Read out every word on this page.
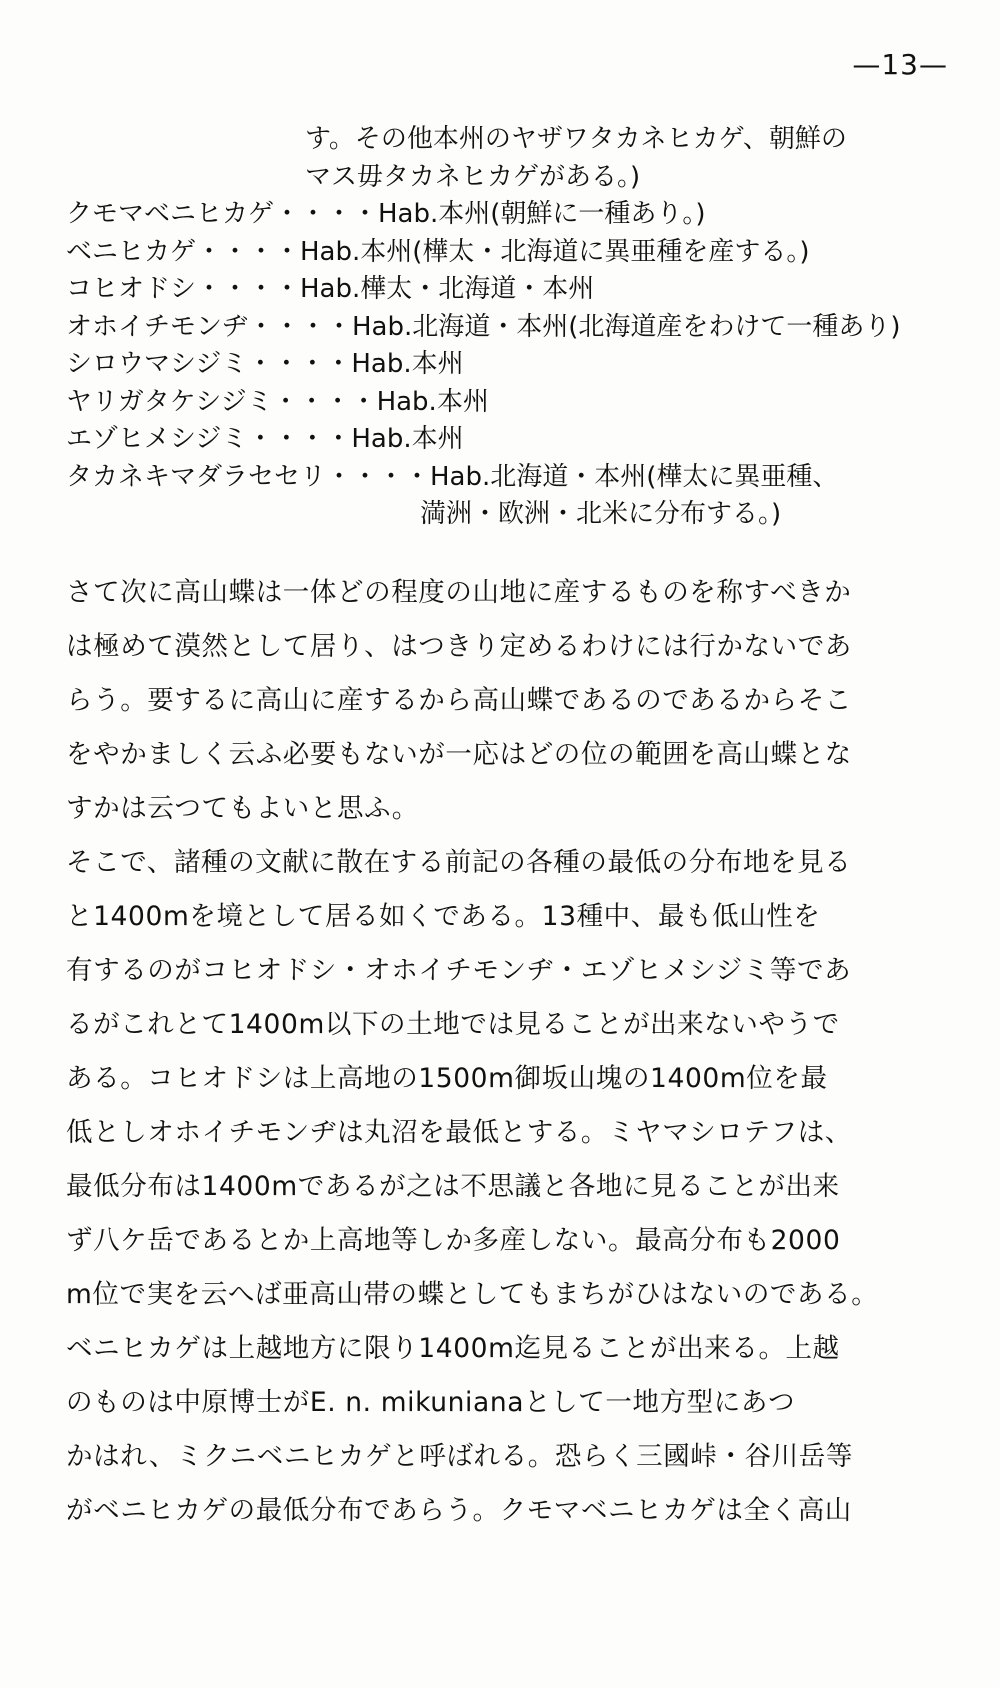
—13—
す。その他本州のヤザワタカネヒカゲ、朝鮮の
マス毋タカネヒカゲがある。)
クモマベニヒカゲ・・・・Hab.本州(朝鮮に一種あり。)
ベニヒカゲ・・・・Hab.本州(樺太・北海道に異亜種を産する。)
コヒオドシ・・・・Hab.樺太・北海道・本州
オホイチモンヂ・・・・Hab.北海道・本州(北海道産をわけて一種あり)
シロウマシジミ・・・・Hab.本州
ヤリガタケシジミ・・・・Hab.本州
エゾヒメシジミ・・・・Hab.本州
タカネキマダラセセリ・・・・Hab.北海道・本州(樺太に異亜種、
満洲・欧洲・北米に分布する。)
さて次に高山蝶は一体どの程度の山地に産するものを称すべきか
は極めて漠然として居り、はつきり定めるわけには行かないであ
らう。要するに高山に産するから高山蝶であるのであるからそこ
をやかましく云ふ必要もないが一応はどの位の範囲を高山蝶とな
すかは云つてもよいと思ふ。
そこで、諸種の文献に散在する前記の各種の最低の分布地を見る
と1400mを境として居る如くである。13種中、最も低山性を
有するのがコヒオドシ・オホイチモンヂ・エゾヒメシジミ等であ
るがこれとて1400m以下の土地では見ることが出来ないやうで
ある。コヒオドシは上高地の1500m御坂山塊の1400m位を最
低としオホイチモンヂは丸沼を最低とする。ミヤマシロテフは、
最低分布は1400mであるが之は不思議と各地に見ることが出来
ず八ケ岳であるとか上高地等しか多産しない。最高分布も2000
m位で実を云へば亜高山帯の蝶としてもまちがひはないのである。
ベニヒカゲは上越地方に限り1400m迄見ることが出来る。上越
のものは中原博士がE. n. mikunianaとして一地方型にあつ
かはれ、ミクニベニヒカゲと呼ばれる。恐らく三國峠・谷川岳等
がベニヒカゲの最低分布であらう。クモマベニヒカゲは全く高山
